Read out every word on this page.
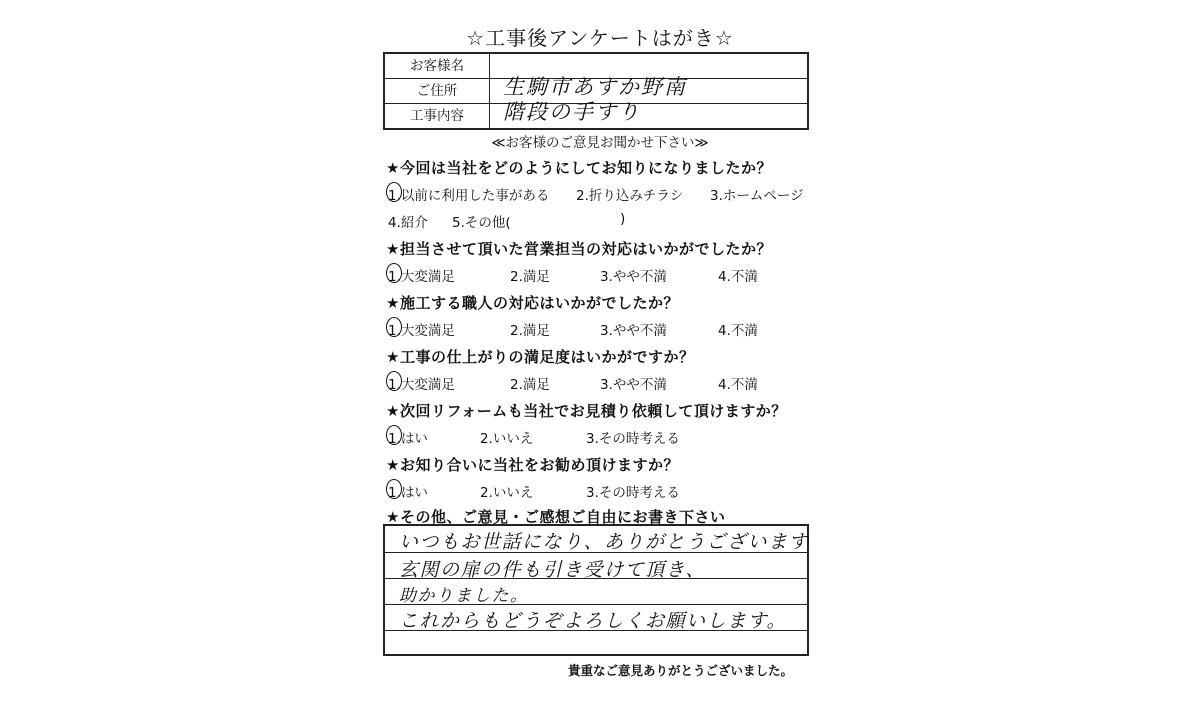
☆工事後アンケートはがき☆
お客様名
ご住所	生駒市あすか野南
工事内容	階段の手すり
≪お客様のご意見お聞かせ下さい≫
★今回は当社をどのようにしてお知りになりましたか？
1.以前に利用した事がある 2.折り込みチラシ 3.ホームページ
4.紹介 5.その他(	)
★担当させて頂いた営業担当の対応はいかがでしたか？
1.大変満足	2.満足	3.やや不満	4.不満
★施工する職人の対応はいかがでしたか？
1.大変満足	2.満足	3.やや不満	4.不満
★工事の仕上がりの満足度はいかがですか？
1.大変満足	2.満足	3.やや不満	4.不満
★次回リフォームも当社でお見積り依頼して頂けますか？
1.はい	2.いいえ	3.その時考える
★お知り合いに当社をお勧め頂けますか？
1.はい	2.いいえ	3.その時考える
★その他、ご意見・ご感想ご自由にお書き下さい
いつもお世話になり、ありがとうございます
玄関の扉の件も引き受けて頂き、
助かりました。
これからもどうぞよろしくお願いします。
貴重なご意見ありがとうございました。
